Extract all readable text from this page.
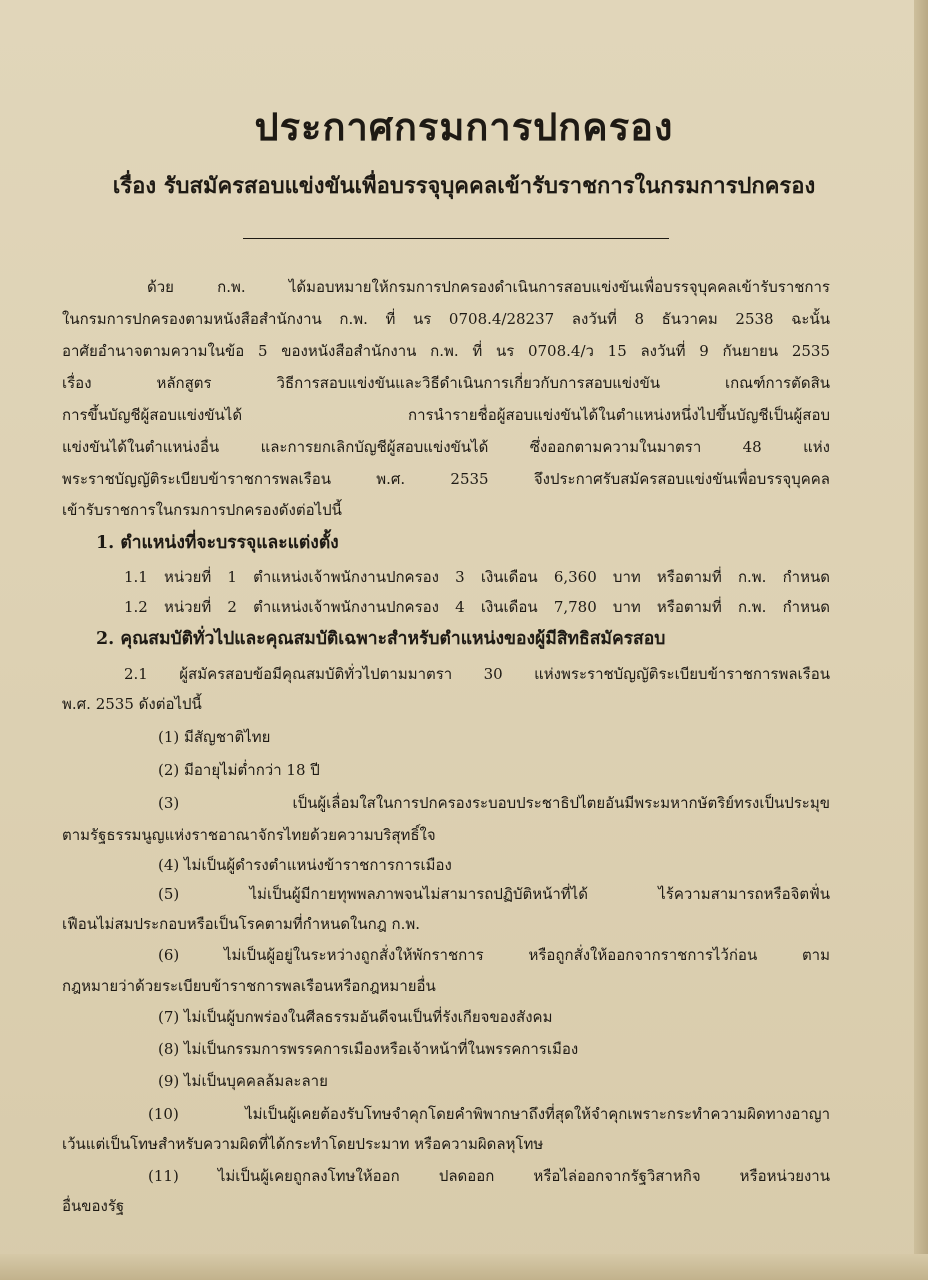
ประกาศกรมการปกครอง
เรื่อง รับสมัครสอบแข่งขันเพื่อบรรจุบุคคลเข้ารับราชการในกรมการปกครอง
ด้วย ก.พ. ได้มอบหมายให้กรมการปกครองดำเนินการสอบแข่งขันเพื่อบรรจุบุคคลเข้ารับราชการ
ในกรมการปกครองตามหนังสือสำนักงาน ก.พ. ที่ นร 0708.4/28237 ลงวันที่ 8 ธันวาคม 2538 ฉะนั้น
อาศัยอำนาจตามความในข้อ 5 ของหนังสือสำนักงาน ก.พ. ที่ นร 0708.4/ว 15 ลงวันที่ 9 กันยายน 2535
เรื่อง หลักสูตร วิธีการสอบแข่งขันและวิธีดำเนินการเกี่ยวกับการสอบแข่งขัน เกณฑ์การตัดสิน
การขึ้นบัญชีผู้สอบแข่งขันได้ การนำรายชื่อผู้สอบแข่งขันได้ในตำแหน่งหนึ่งไปขึ้นบัญชีเป็นผู้สอบ
แข่งขันได้ในตำแหน่งอื่น และการยกเลิกบัญชีผู้สอบแข่งขันได้ ซึ่งออกตามความในมาตรา 48 แห่ง
พระราชบัญญัติระเบียบข้าราชการพลเรือน พ.ศ. 2535 จึงประกาศรับสมัครสอบแข่งขันเพื่อบรรจุบุคคล
เข้ารับราชการในกรมการปกครองดังต่อไปนี้
1. ตำแหน่งที่จะบรรจุและแต่งตั้ง
1.1 หน่วยที่ 1 ตำแหน่งเจ้าพนักงานปกครอง 3 เงินเดือน 6,360 บาท หรือตามที่ ก.พ. กำหนด
1.2 หน่วยที่ 2 ตำแหน่งเจ้าพนักงานปกครอง 4 เงินเดือน 7,780 บาท หรือตามที่ ก.พ. กำหนด
2. คุณสมบัติทั่วไปและคุณสมบัติเฉพาะสำหรับตำแหน่งของผู้มีสิทธิสมัครสอบ
2.1 ผู้สมัครสอบข้อมีคุณสมบัติทั่วไปตามมาตรา 30 แห่งพระราชบัญญัติระเบียบข้าราชการพลเรือน
พ.ศ. 2535 ดังต่อไปนี้
(1) มีสัญชาติไทย
(2) มีอายุไม่ต่ำกว่า 18 ปี
(3) เป็นผู้เลื่อมใสในการปกครองระบอบประชาธิปไตยอันมีพระมหากษัตริย์ทรงเป็นประมุข
ตามรัฐธรรมนูญแห่งราชอาณาจักรไทยด้วยความบริสุทธิ์ใจ
(4) ไม่เป็นผู้ดำรงตำแหน่งข้าราชการการเมือง
(5) ไม่เป็นผู้มีกายทุพพลภาพจนไม่สามารถปฏิบัติหน้าที่ได้ ไร้ความสามารถหรือจิตฟั่น
เฟือนไม่สมประกอบหรือเป็นโรคตามที่กำหนดในกฎ ก.พ.
(6) ไม่เป็นผู้อยู่ในระหว่างถูกสั่งให้พักราชการ หรือถูกสั่งให้ออกจากราชการไว้ก่อน ตาม
กฎหมายว่าด้วยระเบียบข้าราชการพลเรือนหรือกฎหมายอื่น
(7) ไม่เป็นผู้บกพร่องในศีลธรรมอันดีจนเป็นที่รังเกียจของสังคม
(8) ไม่เป็นกรรมการพรรคการเมืองหรือเจ้าหน้าที่ในพรรคการเมือง
(9) ไม่เป็นบุคคลล้มละลาย
(10) ไม่เป็นผู้เคยต้องรับโทษจำคุกโดยคำพิพากษาถึงที่สุดให้จำคุกเพราะกระทำความผิดทางอาญา
เว้นแต่เป็นโทษสำหรับความผิดที่ได้กระทำโดยประมาท หรือความผิดลหุโทษ
(11) ไม่เป็นผู้เคยถูกลงโทษให้ออก ปลดออก หรือไล่ออกจากรัฐวิสาหกิจ หรือหน่วยงาน
อื่นของรัฐ
